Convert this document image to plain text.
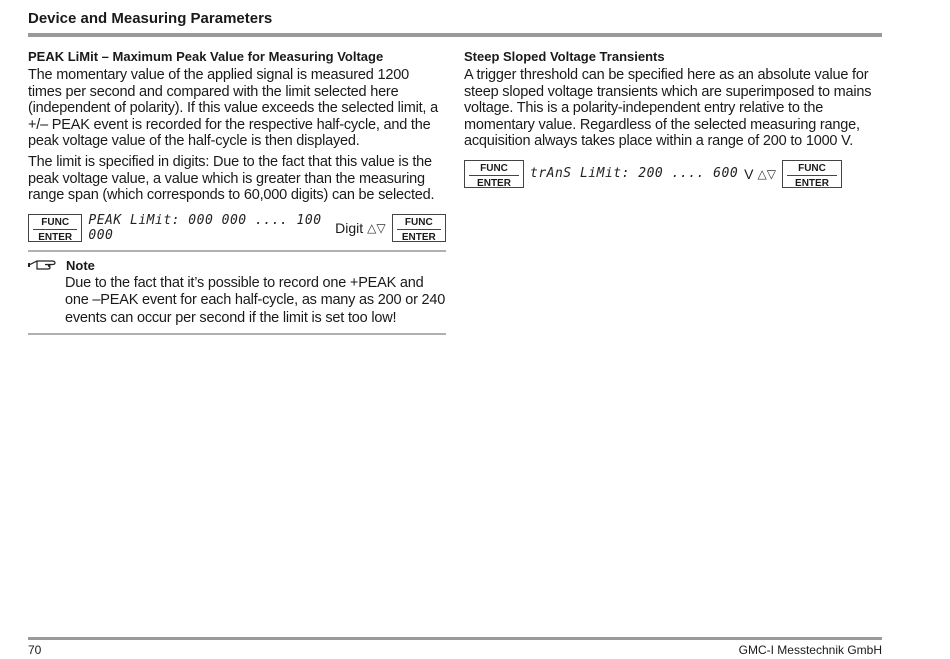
Device and Measuring Parameters
PEAK LiMit – Maximum Peak Value for Measuring Voltage

The momentary value of the applied signal is measured 1200 times per second and compared with the limit selected here (independent of polarity). If this value exceeds the selected limit, a +/– PEAK event is recorded for the respective half-cycle, and the peak voltage value of the half-cycle is then displayed.

The limit is specified in digits: Due to the fact that this value is the peak voltage value, a value which is greater than the measuring range span (which corresponds to 60,000 digits) can be selected.

FUNC
ENTER
PEAK LiMit: 000 000 .... 100 000	Digit △▽	FUNC
ENTER
Note

Due to the fact that it’s possible to record one +PEAK and one –PEAK event for each half-cycle, as many as 200 or 240 events can occur per second if the limit is set too low!

Steep Sloped Voltage Transients

A trigger threshold can be specified here as an absolute value for steep sloped voltage transients which are superimposed to mains voltage. This is a polarity-independent entry relative to the momentary value. Regardless of the selected measuring range, acquisition always takes place within a range of 200 to 1000 V.

FUNC
ENTER
trAnS LiMit: 200 .... 600 V △▽	FUNC
ENTER
70	GMC-I Messtechnik GmbH
